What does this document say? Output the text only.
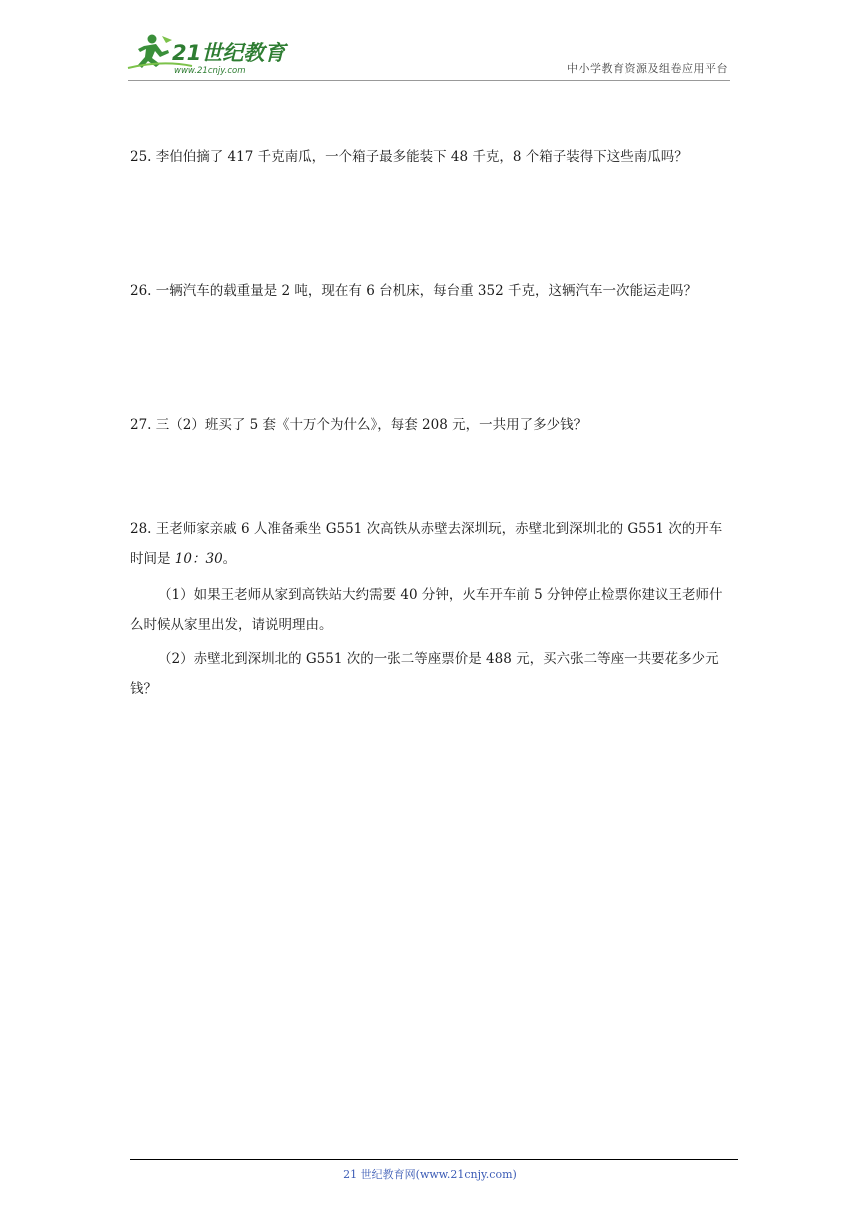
21世纪教育
www.21cnjy.com	中小学教育资源及组卷应用平台

25. 李伯伯摘了 417 千克南瓜，一个箱子最多能装下 48 千克，8 个箱子装得下这些南瓜吗？

26. 一辆汽车的载重量是 2 吨，现在有 6 台机床，每台重 352 千克，这辆汽车一次能运走吗？

27. 三（2）班买了 5 套《十万个为什么》，每套 208 元，一共用了多少钱？

28. 王老师家亲戚 6 人准备乘坐 G551 次高铁从赤壁去深圳玩，赤壁北到深圳北的 G551 次的开车时间是 10：30。

（1）如果王老师从家到高铁站大约需要 40 分钟，火车开车前 5 分钟停止检票你建议王老师什么时候从家里出发，请说明理由。

（2）赤壁北到深圳北的 G551 次的一张二等座票价是 488 元，买六张二等座一共要花多少元钱？

21 世纪教育网(www.21cnjy.com)
